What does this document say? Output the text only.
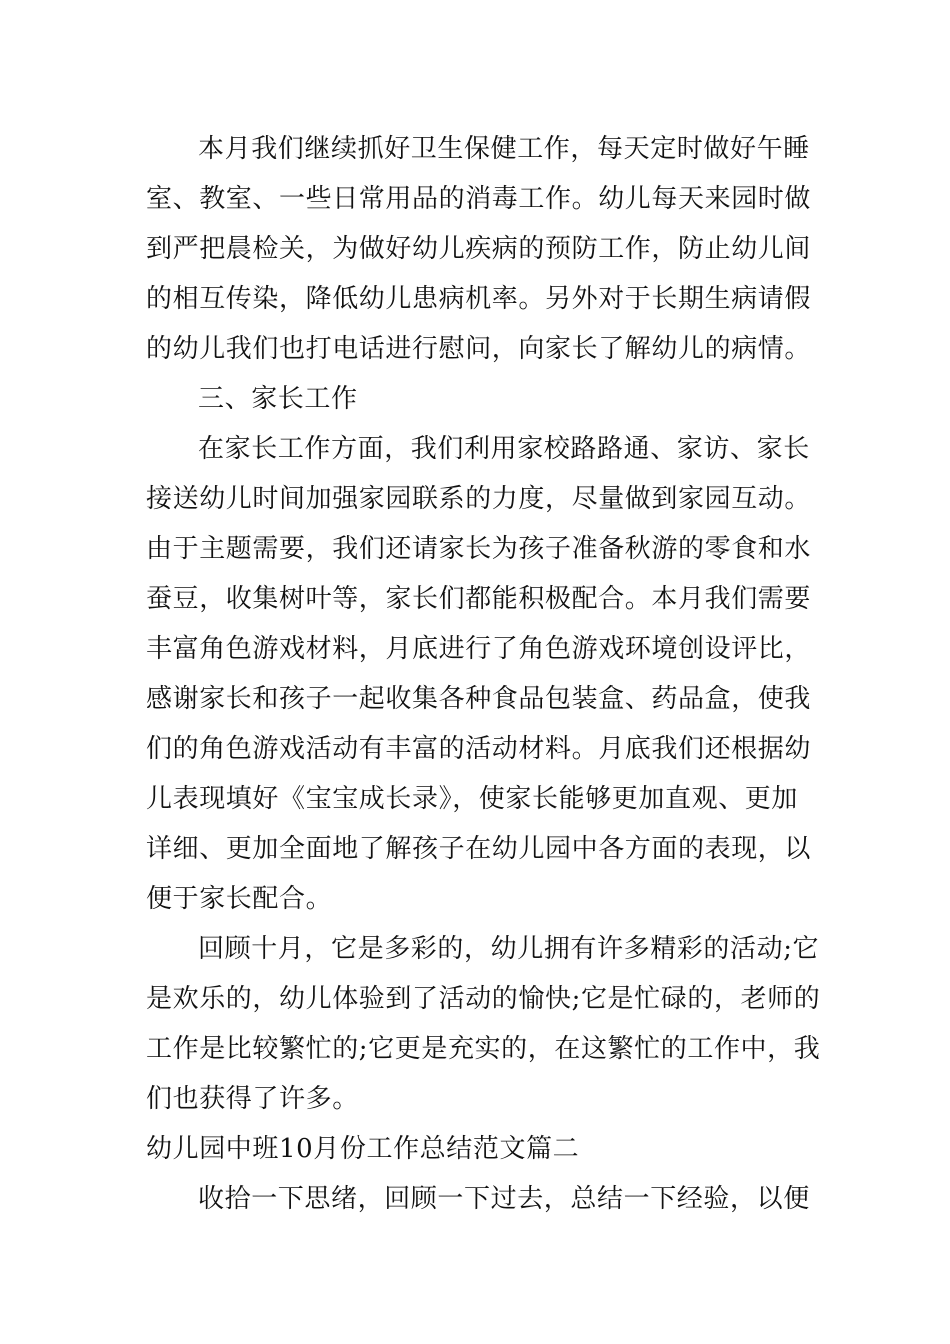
本月我们继续抓好卫生保健工作，每天定时做好午睡

室、教室、一些日常用品的消毒工作。幼儿每天来园时做

到严把晨检关，为做好幼儿疾病的预防工作，防止幼儿间

的相互传染，降低幼儿患病机率。另外对于长期生病请假

的幼儿我们也打电话进行慰问，向家长了解幼儿的病情。

三、家长工作

在家长工作方面，我们利用家校路路通、家访、家长

接送幼儿时间加强家园联系的力度，尽量做到家园互动。

由于主题需要，我们还请家长为孩子准备秋游的零食和水

蚕豆，收集树叶等，家长们都能积极配合。本月我们需要

丰富角色游戏材料，月底进行了角色游戏环境创设评比，

感谢家长和孩子一起收集各种食品包装盒、药品盒，使我

们的角色游戏活动有丰富的活动材料。月底我们还根据幼

儿表现填好《宝宝成长录》，使家长能够更加直观、更加

详细、更加全面地了解孩子在幼儿园中各方面的表现，以

便于家长配合。

回顾十月，它是多彩的，幼儿拥有许多精彩的活动;它

是欢乐的，幼儿体验到了活动的愉快;它是忙碌的，老师的

工作是比较繁忙的;它更是充实的，在这繁忙的工作中，我

们也获得了许多。

幼儿园中班10月份工作总结范文篇二

收拾一下思绪，回顾一下过去，总结一下经验，以便
